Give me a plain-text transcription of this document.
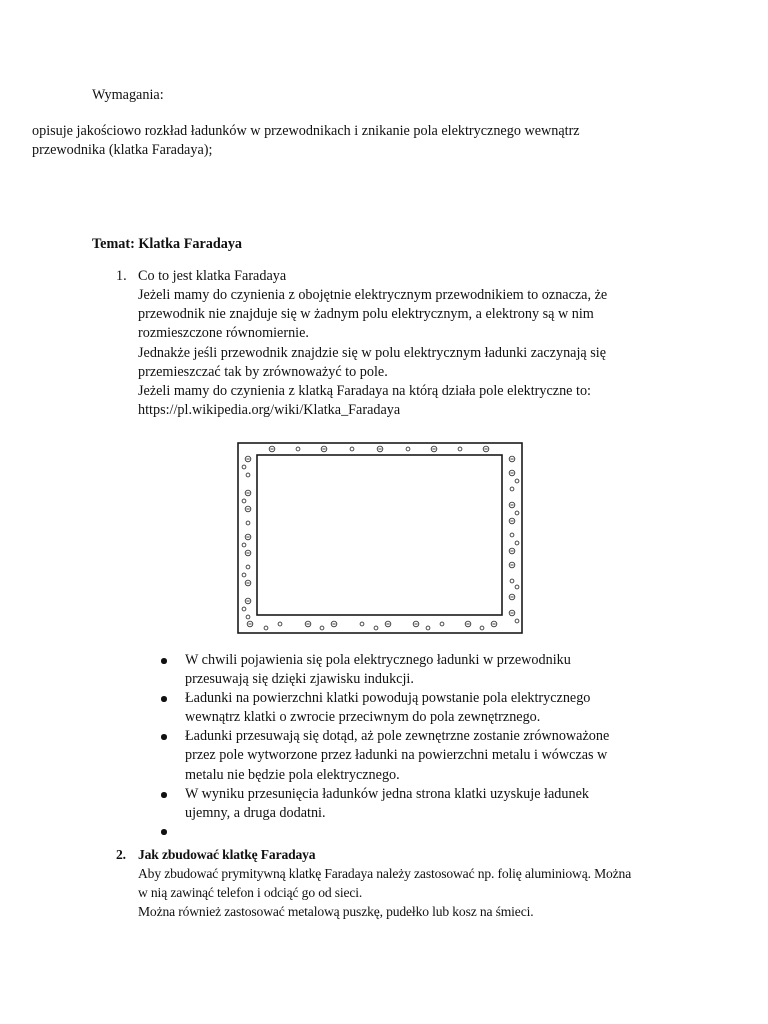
Wymagania:
opisuje jakościowo rozkład ładunków w przewodnikach i znikanie pola elektrycznego wewnątrz
przewodnika (klatka Faradaya);
Temat: Klatka Faradaya
1. Co to jest klatka Faradaya
Jeżeli mamy do czynienia z obojętnie elektrycznym przewodnikiem to oznacza, że
przewodnik nie znajduje się w żadnym polu elektrycznym, a elektrony są w nim
rozmieszczone równomiernie.
Jednakże jeśli przewodnik znajdzie się w polu elektrycznym ładunki zaczynają się
przemieszczać tak by zrównoważyć to pole.
Jeżeli mamy do czynienia z klatką Faradaya na którą działa pole elektryczne to:
https://pl.wikipedia.org/wiki/Klatka_Faradaya
W chwili pojawienia się pola elektrycznego ładunki w przewodniku
przesuwają się dzięki zjawisku indukcji.
Ładunki na powierzchni klatki powodują powstanie pola elektrycznego
wewnątrz klatki o zwrocie przeciwnym do pola zewnętrznego.
Ładunki przesuwają się dotąd, aż pole zewnętrzne zostanie zrównoważone
przez pole wytworzone przez ładunki na powierzchni metalu i wówczas w
metalu nie będzie pola elektrycznego.
W wyniku przesunięcia ładunków jedna strona klatki uzyskuje ładunek
ujemny, a druga dodatni.
2. Jak zbudować klatkę Faradaya
Aby zbudować prymitywną klatkę Faradaya należy zastosować np. folię aluminiową. Można
w nią zawinąć telefon i odciąć go od sieci.
Można również zastosować metalową puszkę, pudełko lub kosz na śmieci.
